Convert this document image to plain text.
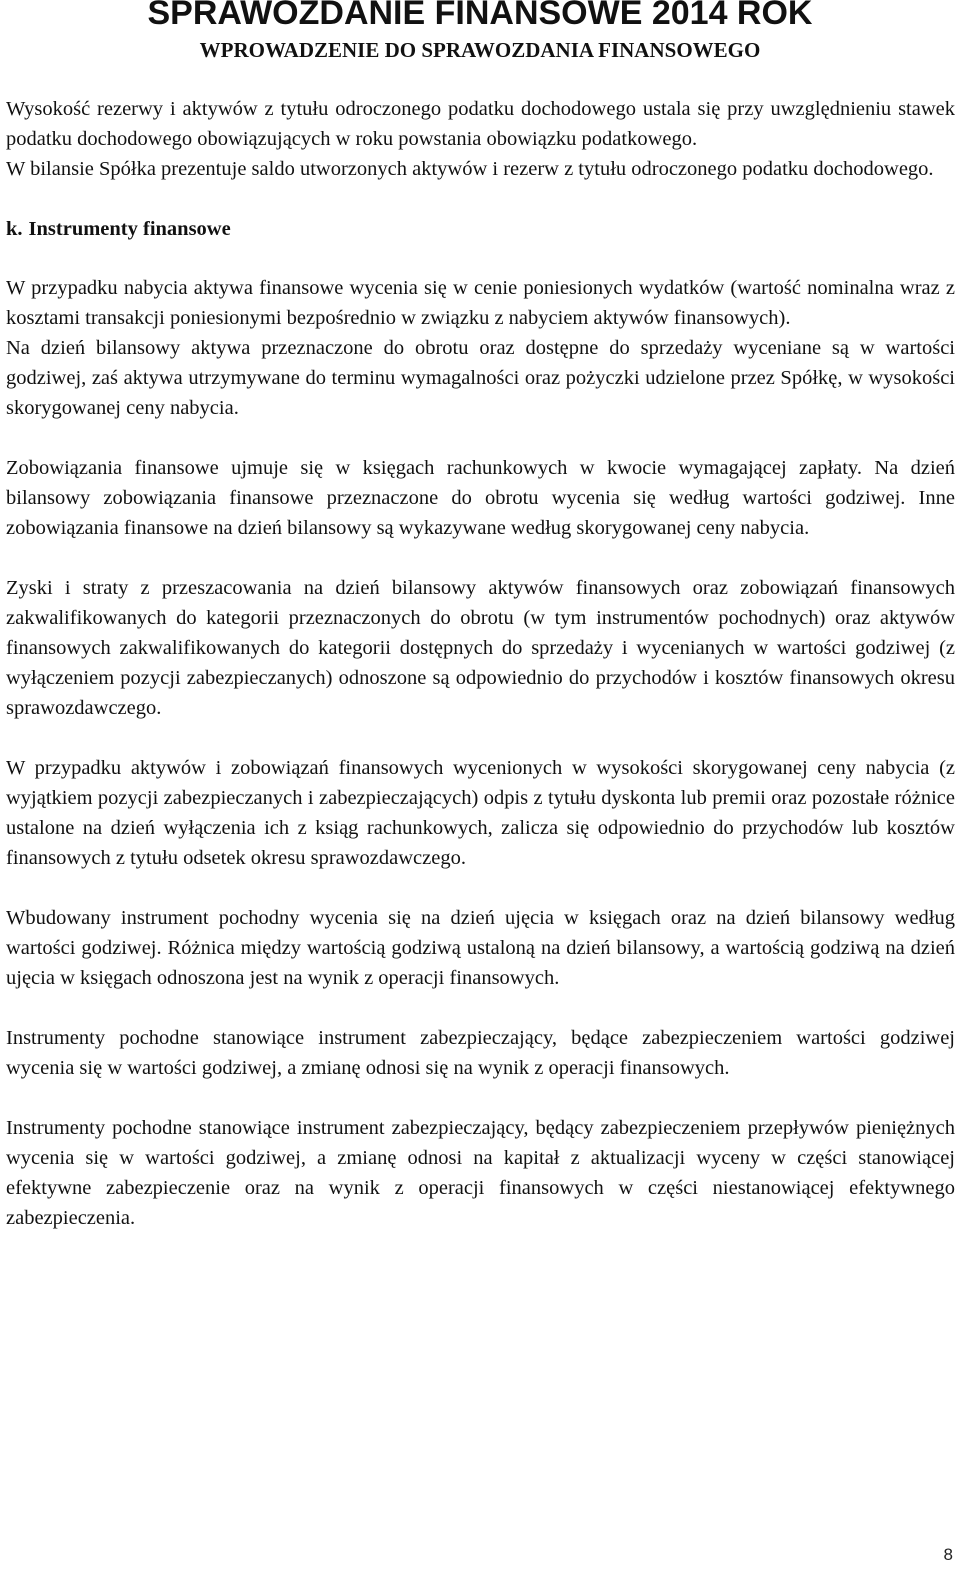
SPRAWOZDANIE FINANSOWE 2014 ROK
WPROWADZENIE DO SPRAWOZDANIA FINANSOWEGO

Wysokość rezerwy i aktywów z tytułu odroczonego podatku dochodowego ustala się przy uwzględnieniu stawek podatku dochodowego obowiązujących w roku powstania obowiązku podatkowego.

W bilansie Spółka prezentuje saldo utworzonych aktywów i rezerw z tytułu odroczonego podatku dochodowego.

k. Instrumenty finansowe

W przypadku nabycia aktywa finansowe wycenia się w cenie poniesionych wydatków (wartość nominalna wraz z kosztami transakcji poniesionymi bezpośrednio w związku z nabyciem aktywów finansowych).

Na dzień bilansowy aktywa przeznaczone do obrotu oraz dostępne do sprzedaży wyceniane są w wartości godziwej, zaś aktywa utrzymywane do terminu wymagalności oraz pożyczki udzielone przez Spółkę, w wysokości skorygowanej ceny nabycia.

Zobowiązania finansowe ujmuje się w księgach rachunkowych w kwocie wymagającej zapłaty. Na dzień bilansowy zobowiązania finansowe przeznaczone do obrotu wycenia się według wartości godziwej. Inne zobowiązania finansowe na dzień bilansowy są wykazywane według skorygowanej ceny nabycia.

Zyski i straty z przeszacowania na dzień bilansowy aktywów finansowych oraz zobowiązań finansowych zakwalifikowanych do kategorii przeznaczonych do obrotu (w tym instrumentów pochodnych) oraz aktywów finansowych zakwalifikowanych do kategorii dostępnych do sprzedaży i wycenianych w wartości godziwej (z wyłączeniem pozycji zabezpieczanych) odnoszone są odpowiednio do przychodów i kosztów finansowych okresu sprawozdawczego.

W przypadku aktywów i zobowiązań finansowych wycenionych w wysokości skorygowanej ceny nabycia (z wyjątkiem pozycji zabezpieczanych i zabezpieczających) odpis z tytułu dyskonta lub premii oraz pozostałe różnice ustalone na dzień wyłączenia ich z ksiąg rachunkowych, zalicza się odpowiednio do przychodów lub kosztów finansowych z tytułu odsetek okresu sprawozdawczego.

Wbudowany instrument pochodny wycenia się na dzień ujęcia w księgach oraz na dzień bilansowy według wartości godziwej. Różnica między wartością godziwą ustaloną na dzień bilansowy, a wartością godziwą na dzień ujęcia w księgach odnoszona jest na wynik z operacji finansowych.

Instrumenty pochodne stanowiące instrument zabezpieczający, będące zabezpieczeniem wartości godziwej wycenia się w wartości godziwej, a zmianę odnosi się na wynik z operacji finansowych.

Instrumenty pochodne stanowiące instrument zabezpieczający, będący zabezpieczeniem przepływów pieniężnych wycenia się w wartości godziwej, a zmianę odnosi na kapitał z aktualizacji wyceny w części stanowiącej efektywne zabezpieczenie oraz na wynik z operacji finansowych w części niestanowiącej efektywnego zabezpieczenia.

8
